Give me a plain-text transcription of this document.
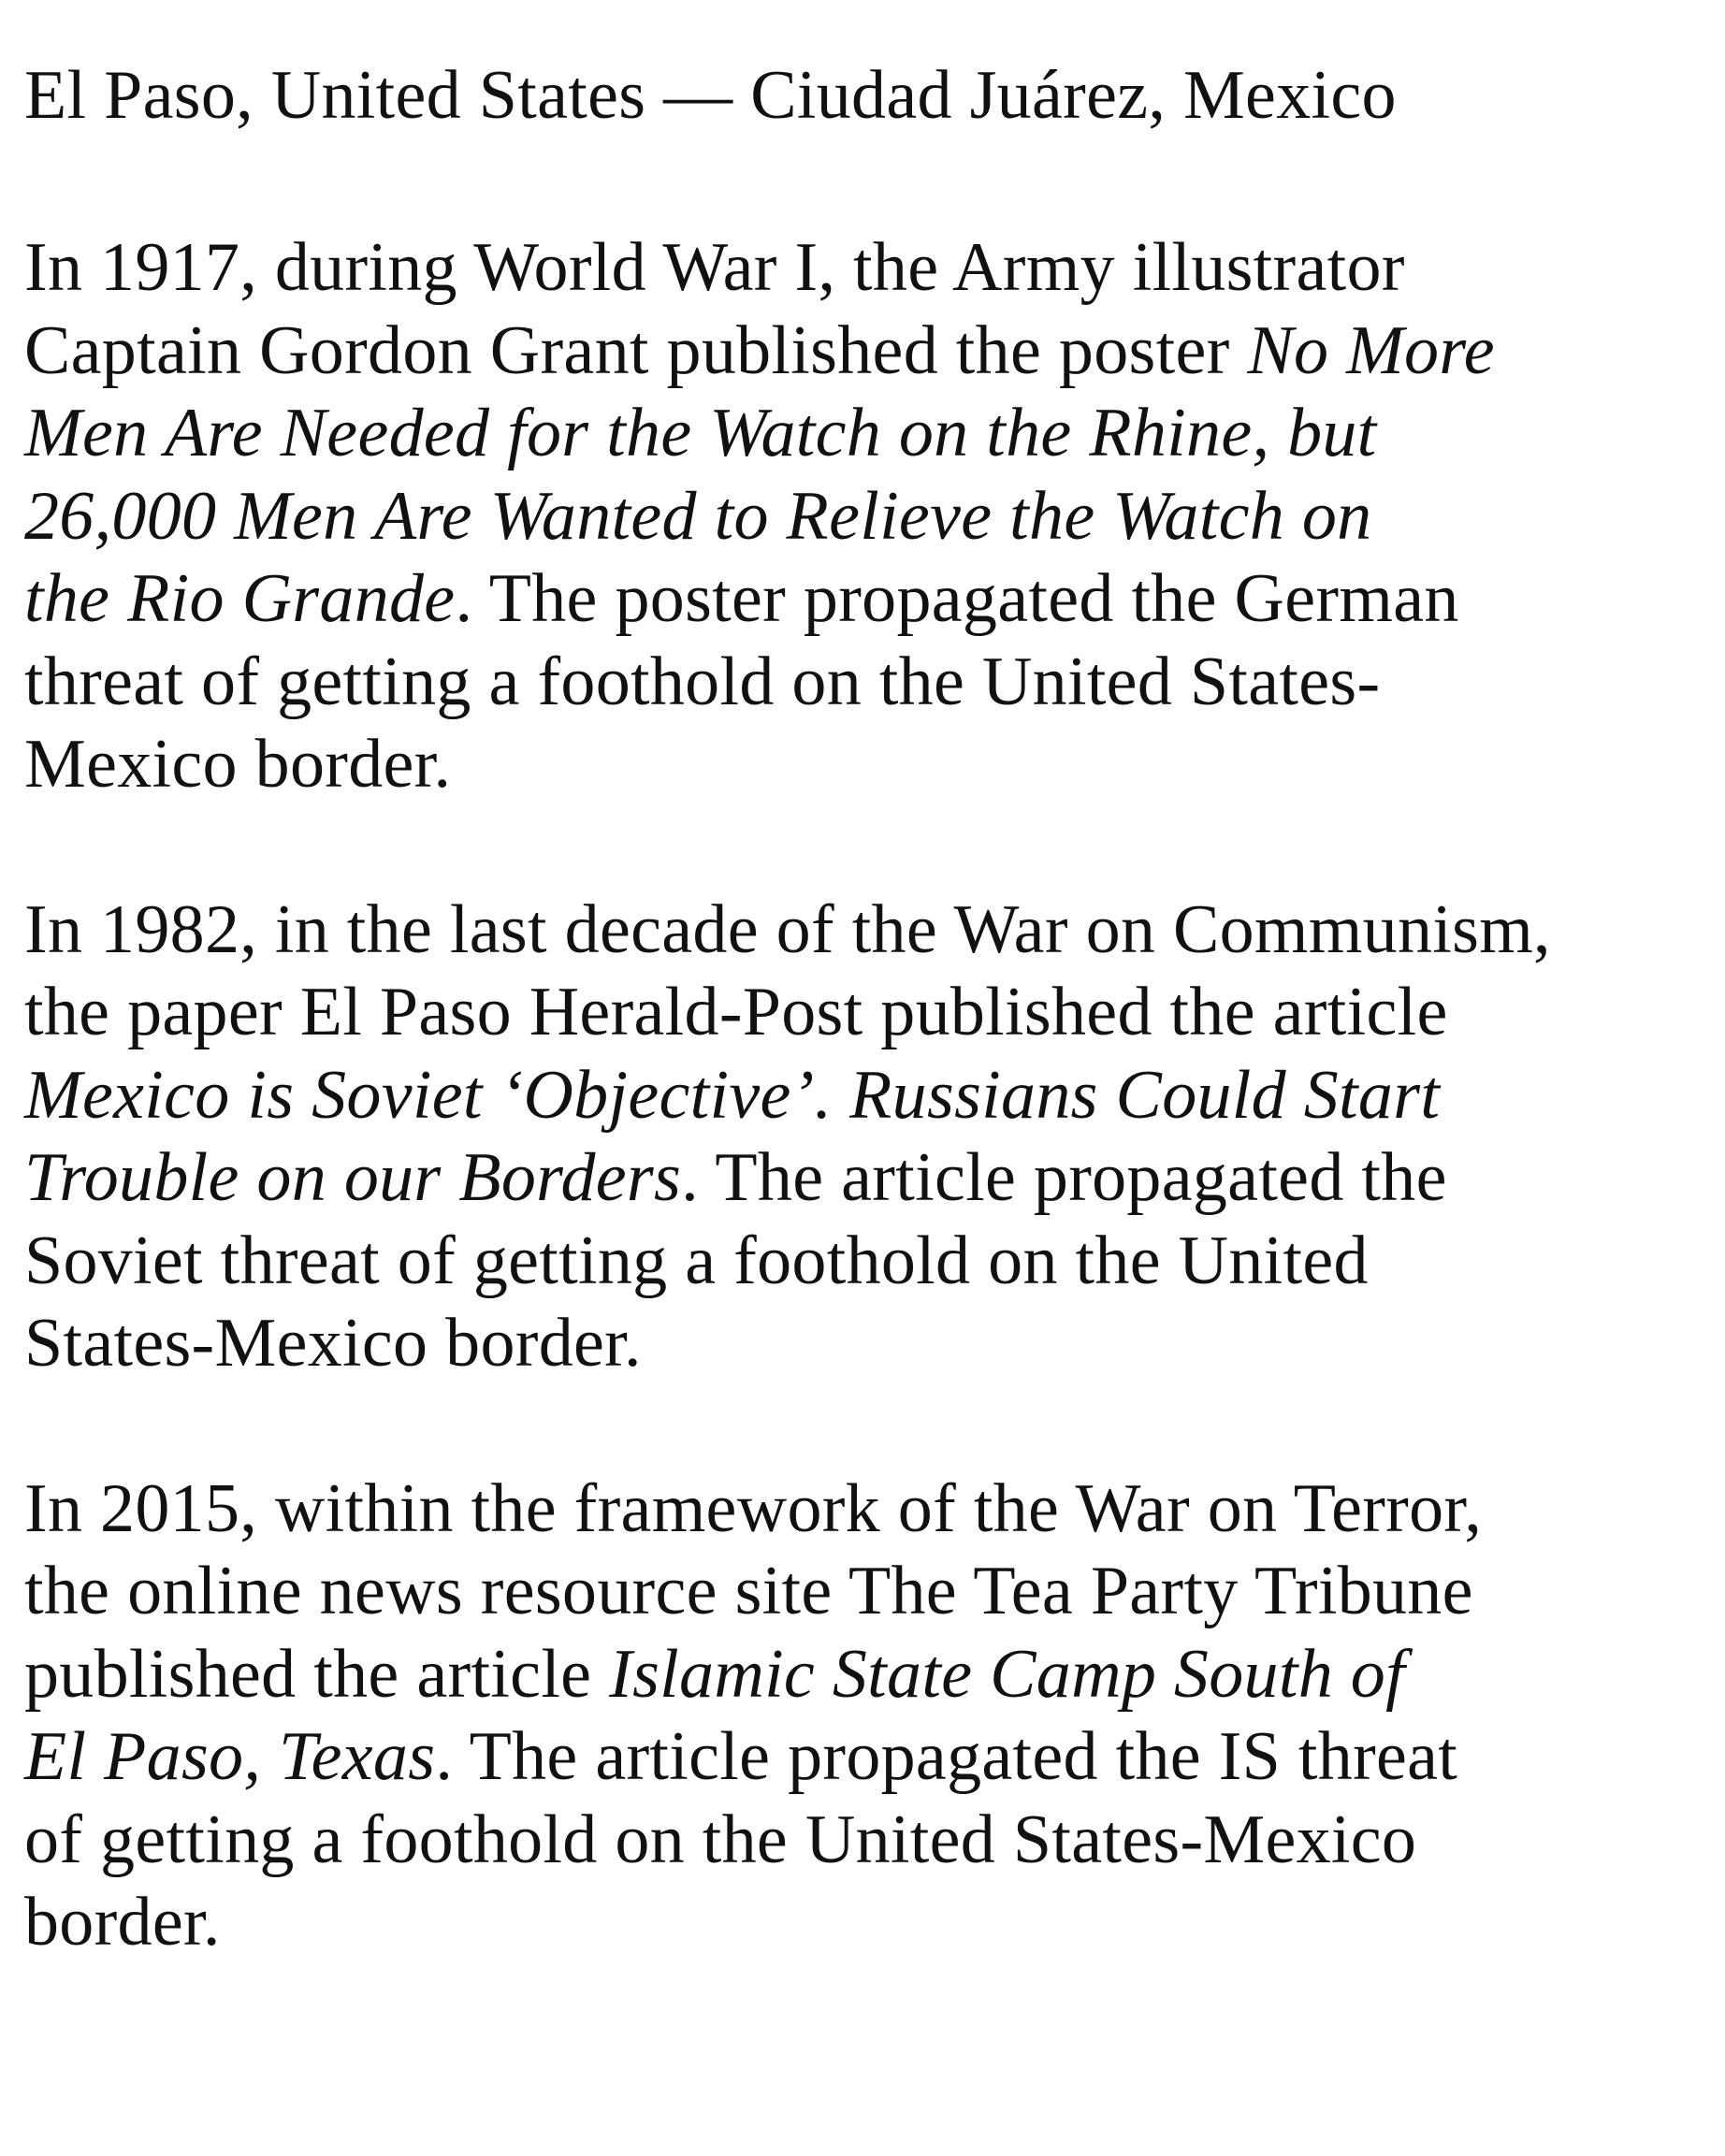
El Paso, United States — Ciudad Juárez, Mexico

In 1917, during World War I, the Army illustrator
Captain Gordon Grant published the poster No More
Men Are Needed for the Watch on the Rhine, but
26,000 Men Are Wanted to Relieve the Watch on
the Rio Grande. The poster propagated the German
threat of getting a foothold on the United States-
Mexico border.

In 1982, in the last decade of the War on Communism,
the paper El Paso Herald-Post published the article
Mexico is Soviet ‘Objective’. Russians Could Start
Trouble on our Borders. The article propagated the
Soviet threat of getting a foothold on the United
States-Mexico border.

In 2015, within the framework of the War on Terror,
the online news resource site The Tea Party Tribune
published the article Islamic State Camp South of
El Paso, Texas. The article propagated the IS threat
of getting a foothold on the United States-Mexico
border.
